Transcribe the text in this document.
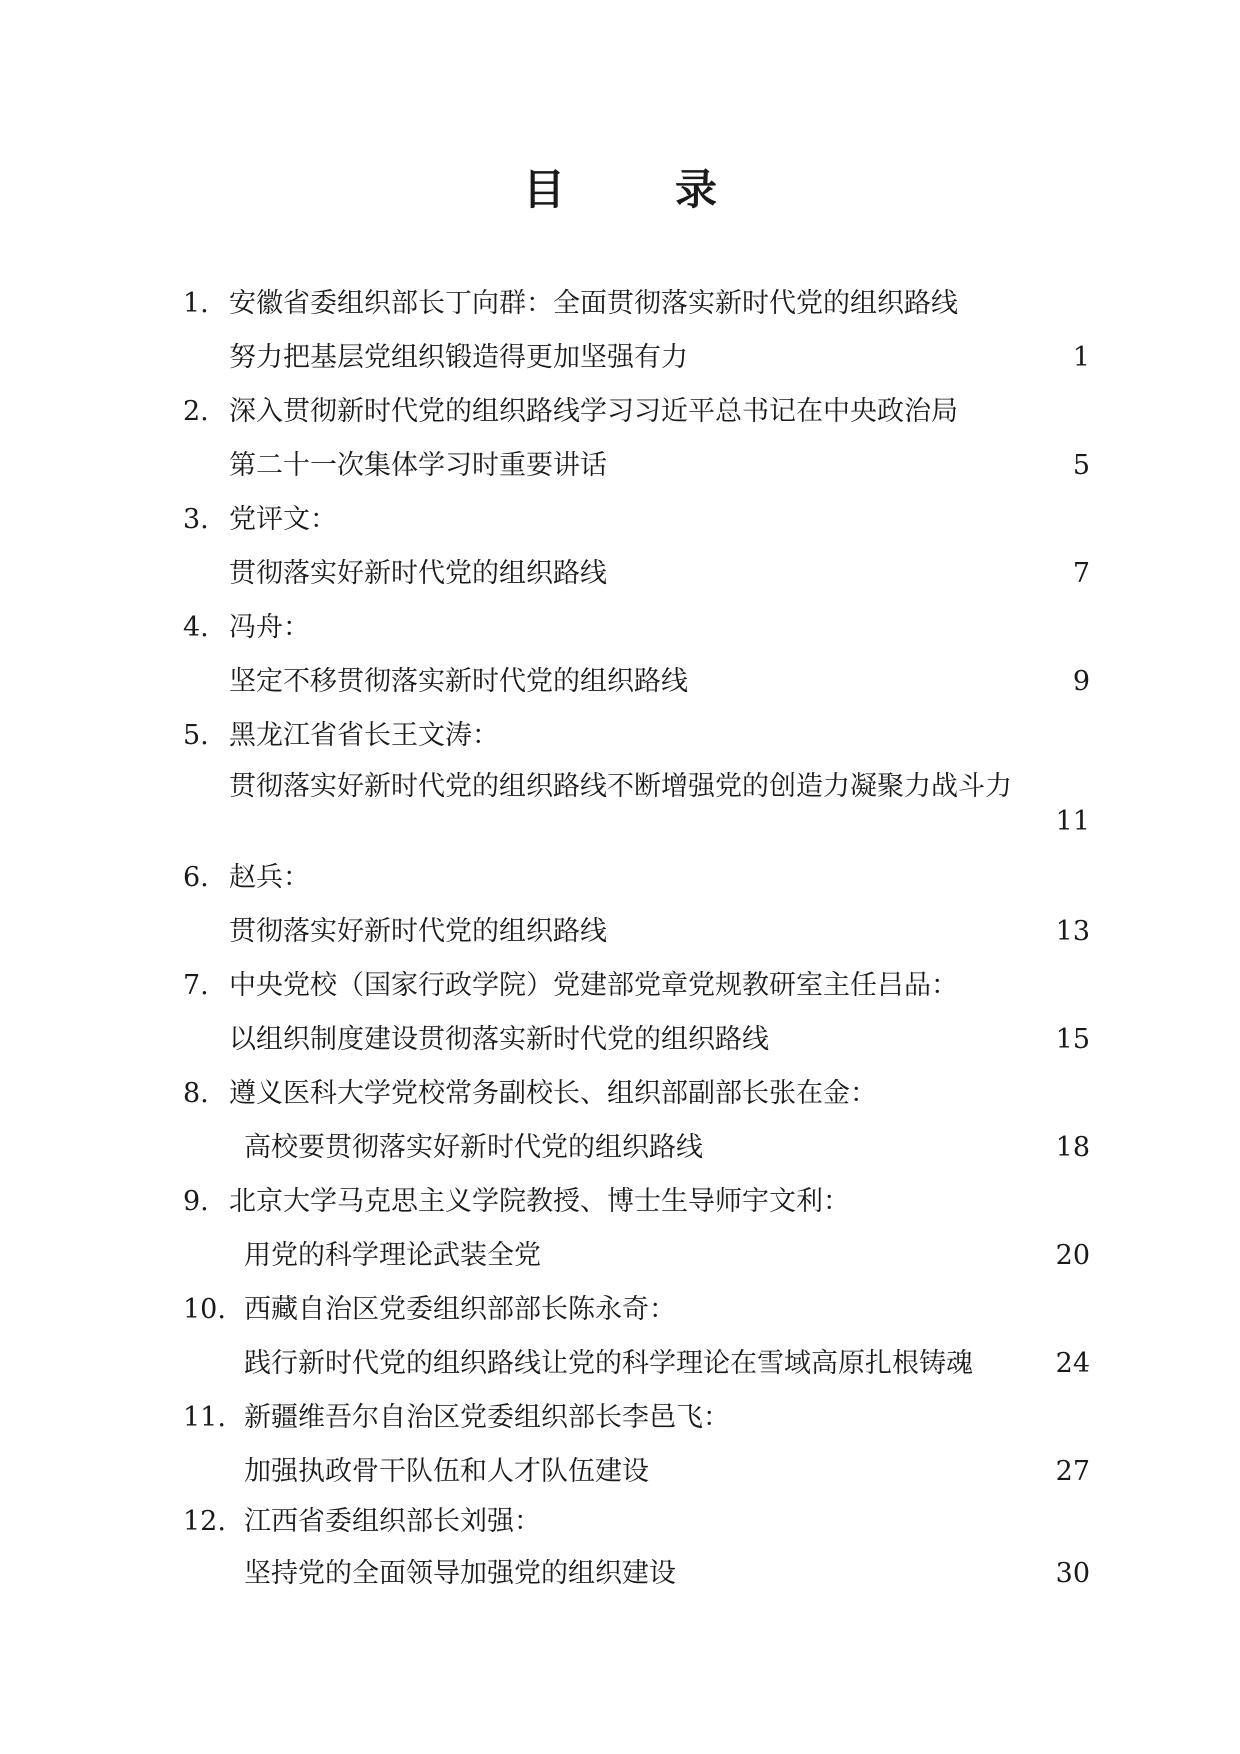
目　录
1. 安徽省委组织部长丁向群：全面贯彻落实新时代党的组织路线
努力把基层党组织锻造得更加坚强有力	1
2. 深入贯彻新时代党的组织路线学习习近平总书记在中央政治局
第二十一次集体学习时重要讲话	5
3. 党评文：
贯彻落实好新时代党的组织路线	7
4. 冯舟：
坚定不移贯彻落实新时代党的组织路线	9
5. 黑龙江省省长王文涛：
贯彻落实好新时代党的组织路线不断增强党的创造力凝聚力战斗力
11
6. 赵兵：
贯彻落实好新时代党的组织路线	13
7. 中央党校（国家行政学院）党建部党章党规教研室主任吕品：
以组织制度建设贯彻落实新时代党的组织路线	15
8. 遵义医科大学党校常务副校长、组织部副部长张在金：
高校要贯彻落实好新时代党的组织路线	18
9. 北京大学马克思主义学院教授、博士生导师宇文利：
用党的科学理论武装全党	20
10. 西藏自治区党委组织部部长陈永奇：
践行新时代党的组织路线让党的科学理论在雪域高原扎根铸魂	24
11. 新疆维吾尔自治区党委组织部长李邑飞：
加强执政骨干队伍和人才队伍建设	27
12. 江西省委组织部长刘强：
坚持党的全面领导加强党的组织建设	30
